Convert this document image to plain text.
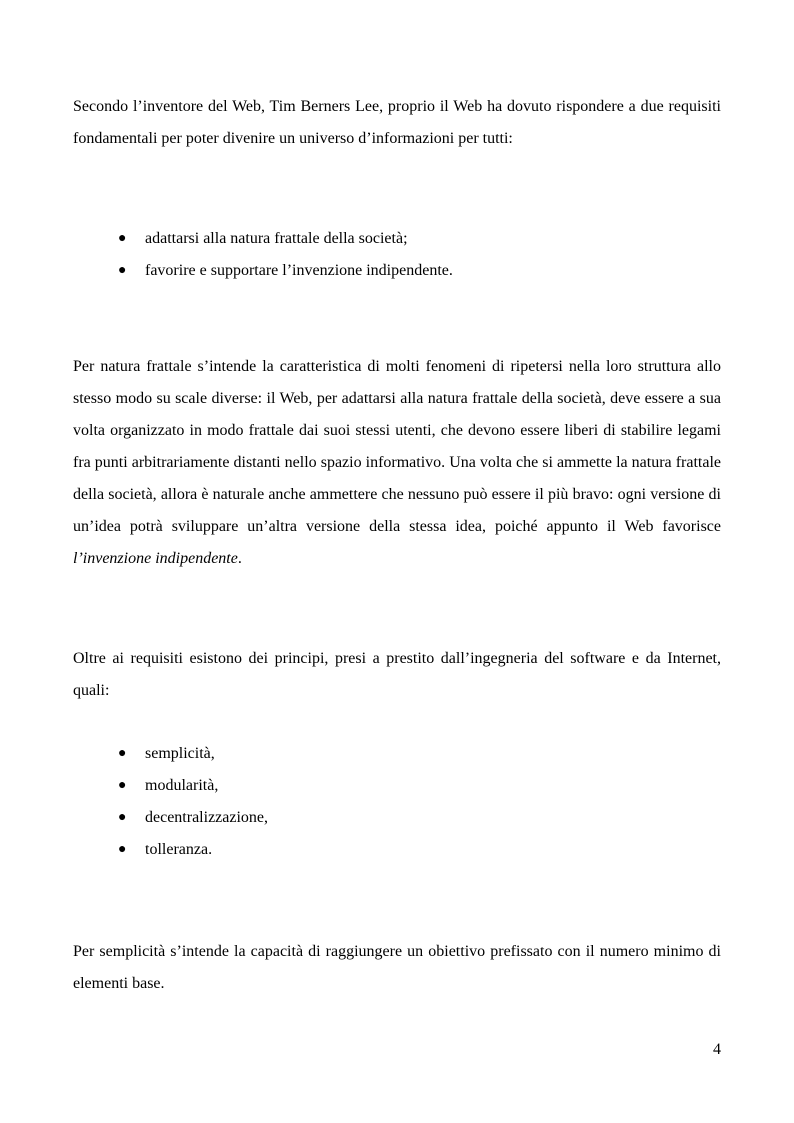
Secondo l’inventore del Web, Tim Berners Lee, proprio il Web ha dovuto rispondere a due requisiti fondamentali per poter divenire un universo d’informazioni per tutti:

● adattarsi alla natura frattale della società;
● favorire e supportare l’invenzione indipendente.

Per natura frattale s’intende la caratteristica di molti fenomeni di ripetersi nella loro struttura allo stesso modo su scale diverse: il Web, per adattarsi alla natura frattale della società, deve essere a sua volta organizzato in modo frattale dai suoi stessi utenti, che devono essere liberi di stabilire legami fra punti arbitrariamente distanti nello spazio informativo. Una volta che si ammette la natura frattale della società, allora è naturale anche ammettere che nessuno può essere il più bravo: ogni versione di un’idea potrà sviluppare un’altra versione della stessa idea, poiché appunto il Web favorisce l’invenzione indipendente.

Oltre ai requisiti esistono dei principi, presi a prestito dall’ingegneria del software e da Internet, quali:

● semplicità,
● modularità,
● decentralizzazione,
● tolleranza.

Per semplicità s’intende la capacità di raggiungere un obiettivo prefissato con il numero minimo di elementi base.

4
